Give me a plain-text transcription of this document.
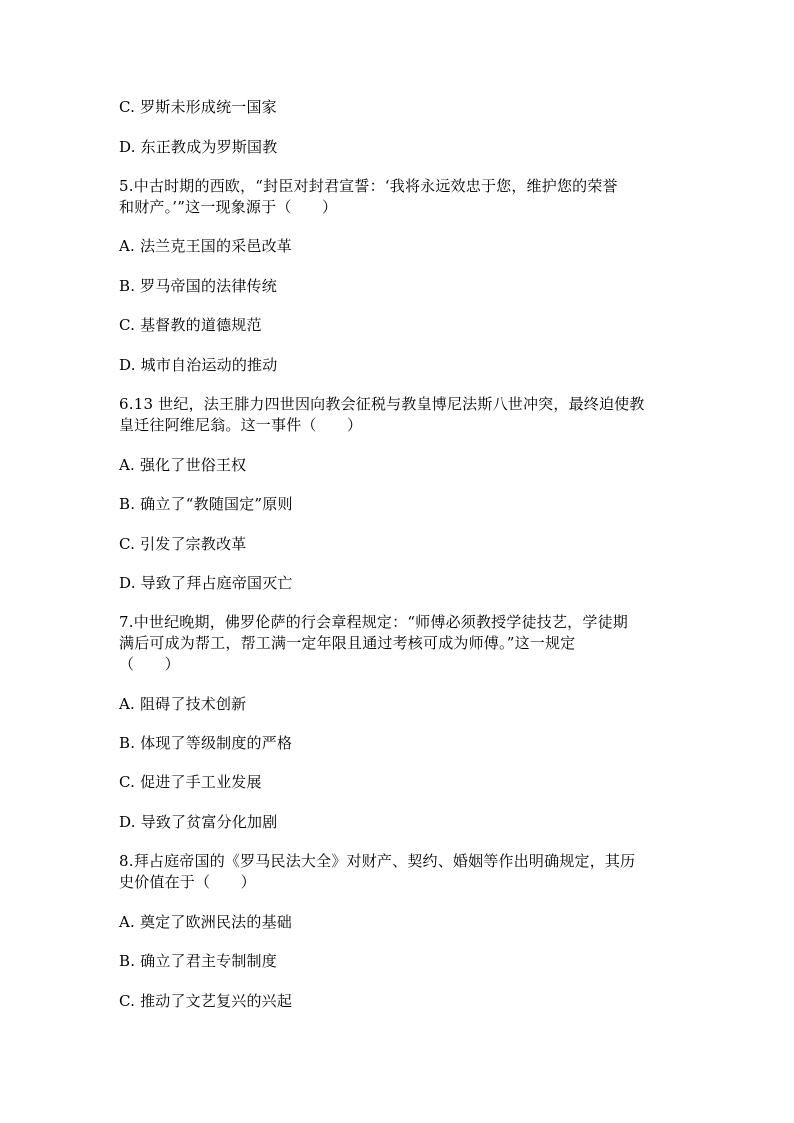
C. 罗斯未形成统一国家
D. 东正教成为罗斯国教
5.中古时期的西欧，“封臣对封君宣誓：‘我将永远效忠于您，维护您的荣誉
和财产。’”这一现象源于（　　）
A. 法兰克王国的采邑改革
B. 罗马帝国的法律传统
C. 基督教的道德规范
D. 城市自治运动的推动
6.13 世纪，法王腓力四世因向教会征税与教皇博尼法斯八世冲突，最终迫使教
皇迁往阿维尼翁。这一事件（　　）
A. 强化了世俗王权
B. 确立了“教随国定”原则
C. 引发了宗教改革
D. 导致了拜占庭帝国灭亡
7.中世纪晚期，佛罗伦萨的行会章程规定：“师傅必须教授学徒技艺，学徒期
满后可成为帮工，帮工满一定年限且通过考核可成为师傅。”这一规定
（　　）
A. 阻碍了技术创新
B. 体现了等级制度的严格
C. 促进了手工业发展
D. 导致了贫富分化加剧
8.拜占庭帝国的《罗马民法大全》对财产、契约、婚姻等作出明确规定，其历
史价值在于（　　）
A. 奠定了欧洲民法的基础
B. 确立了君主专制制度
C. 推动了文艺复兴的兴起
